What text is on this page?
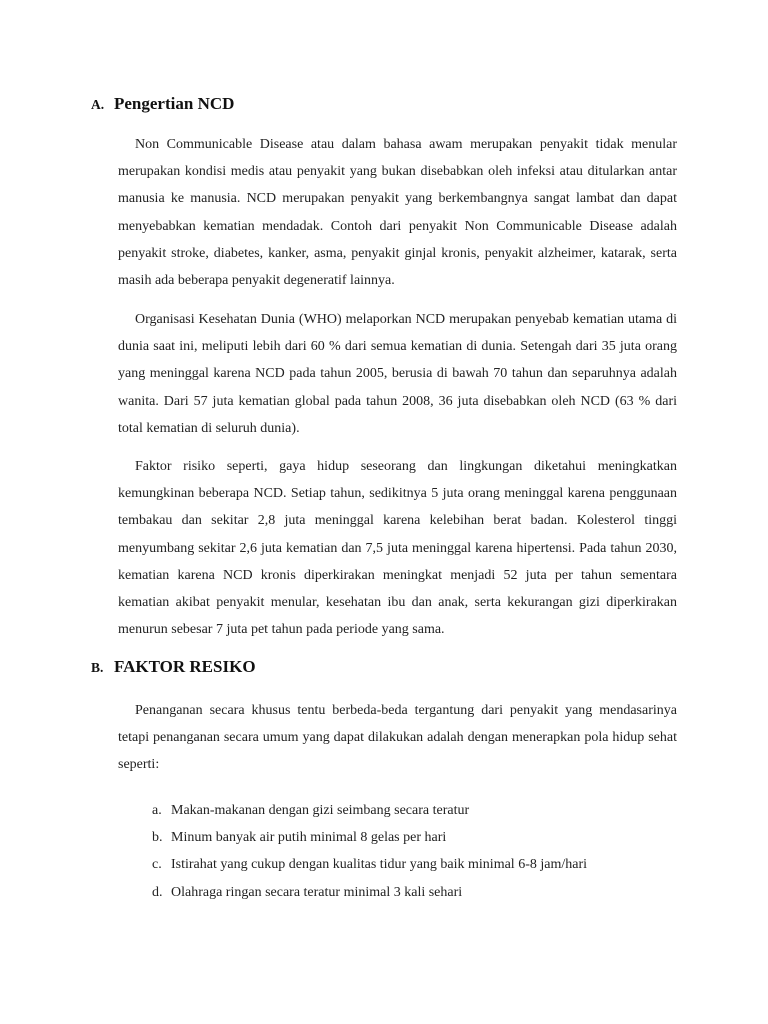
A. Pengertian NCD

Non Communicable Disease atau dalam bahasa awam merupakan penyakit tidak menular merupakan kondisi medis atau penyakit yang bukan disebabkan oleh infeksi atau ditularkan antar manusia ke manusia. NCD merupakan penyakit yang berkembangnya sangat lambat dan dapat menyebabkan kematian mendadak. Contoh dari penyakit Non Communicable Disease adalah penyakit stroke, diabetes, kanker, asma, penyakit ginjal kronis, penyakit alzheimer, katarak, serta masih ada beberapa penyakit degeneratif lainnya.

Organisasi Kesehatan Dunia (WHO) melaporkan NCD merupakan penyebab kematian utama di dunia saat ini, meliputi lebih dari 60 % dari semua kematian di dunia. Setengah dari 35 juta orang yang meninggal karena NCD pada tahun 2005, berusia di bawah 70 tahun dan separuhnya adalah wanita. Dari 57 juta kematian global pada tahun 2008, 36 juta disebabkan oleh NCD (63 % dari total kematian di seluruh dunia).

Faktor risiko seperti, gaya hidup seseorang dan lingkungan diketahui meningkatkan kemungkinan beberapa NCD. Setiap tahun, sedikitnya 5 juta orang meninggal karena penggunaan tembakau dan sekitar 2,8 juta meninggal karena kelebihan berat badan. Kolesterol tinggi menyumbang sekitar 2,6 juta kematian dan 7,5 juta meninggal karena hipertensi. Pada tahun 2030, kematian karena NCD kronis diperkirakan meningkat menjadi 52 juta per tahun sementara kematian akibat penyakit menular, kesehatan ibu dan anak, serta kekurangan gizi diperkirakan menurun sebesar 7 juta pet tahun pada periode yang sama.

B. FAKTOR RESIKO

Penanganan secara khusus tentu berbeda-beda tergantung dari penyakit yang mendasarinya tetapi penanganan secara umum yang dapat dilakukan adalah dengan menerapkan pola hidup sehat seperti:

a. Makan-makanan dengan gizi seimbang secara teratur
b. Minum banyak air putih minimal 8 gelas per hari
c. Istirahat yang cukup dengan kualitas tidur yang baik minimal 6-8 jam/hari
d. Olahraga ringan secara teratur minimal 3 kali sehari
